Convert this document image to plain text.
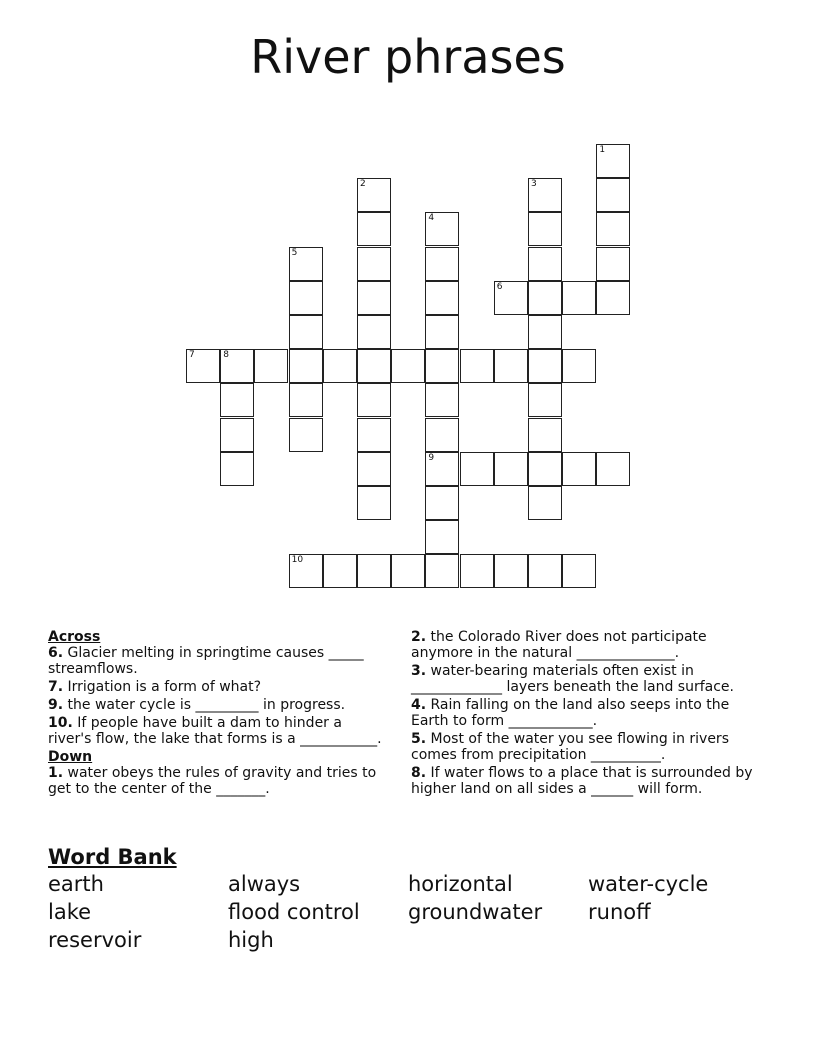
River phrases
1
2	3
4
9
5
6
7	8
10
Across
6. Glacier melting in springtime causes _____ streamflows.
7. Irrigation is a form of what?
9. the water cycle is _________ in progress.
10. If people have built a dam to hinder a river's flow, the lake that forms is a ___________.
Down
1. water obeys the rules of gravity and tries to get to the center of the _______.
2. the Colorado River does not participate anymore in the natural ______________.
3. water-bearing materials often exist in _____________ layers beneath the land surface.
4. Rain falling on the land also seeps into the Earth to form ____________.
5. Most of the water you see flowing in rivers comes from precipitation __________.
8. If water flows to a place that is surrounded by higher land on all sides a ______ will form.
Word Bank
earth	always	horizontal	water-cycle
lake	flood control	groundwater	runoff
reservoir	high
